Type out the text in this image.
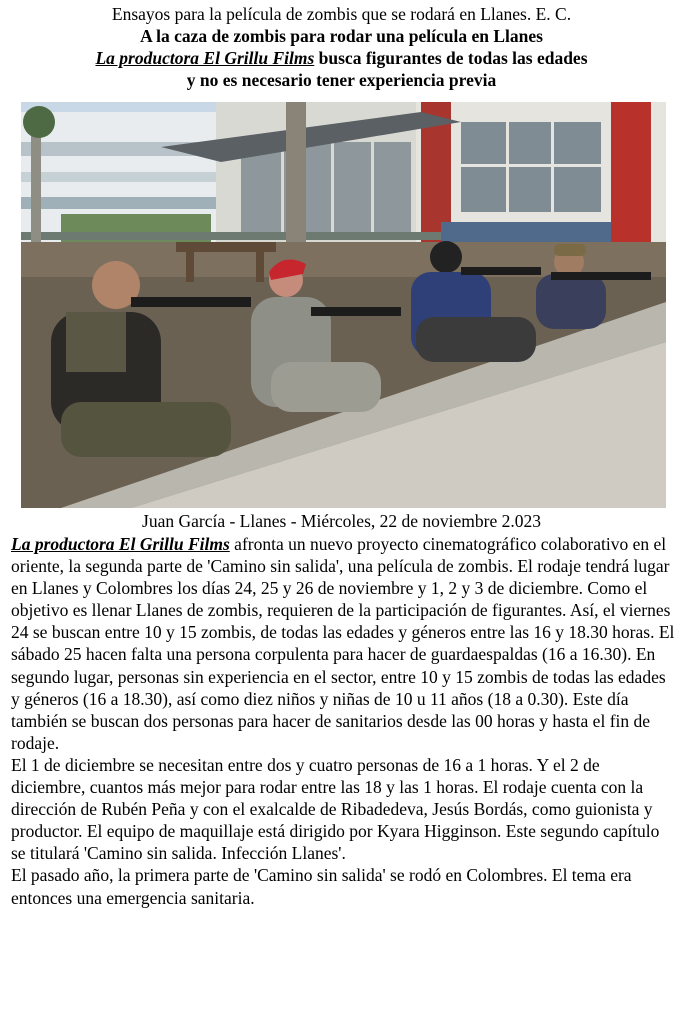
Ensayos para la película de zombis que se rodará en Llanes. E. C.
A la caza de zombis para rodar una película en Llanes
La productora El Grillu Films busca figurantes de todas las edades
y no es necesario tener experiencia previa
Juan García - Llanes - Miércoles, 22 de noviembre 2.023

La productora El Grillu Films afronta un nuevo proyecto cinematográfico colaborativo en el oriente, la segunda parte de 'Camino sin salida', una película de zombis. El rodaje tendrá lugar en Llanes y Colombres los días 24, 25 y 26 de noviembre y 1, 2 y 3 de diciembre. Como el objetivo es llenar Llanes de zombis, requieren de la participación de figurantes. Así, el viernes 24 se buscan entre 10 y 15 zombis, de todas las edades y géneros entre las 16 y 18.30 horas. El sábado 25 hacen falta una persona corpulenta para hacer de guardaespaldas (16 a 16.30). En segundo lugar, personas sin experiencia en el sector, entre 10 y 15 zombis de todas las edades y géneros (16 a 18.30), así como diez niños y niñas de 10 u 11 años (18 a 0.30). Este día también se buscan dos personas para hacer de sanitarios desde las 00 horas y hasta el fin de rodaje.

El 1 de diciembre se necesitan entre dos y cuatro personas de 16 a 1 horas. Y el 2 de diciembre, cuantos más mejor para rodar entre las 18 y las 1 horas. El rodaje cuenta con la dirección de Rubén Peña y con el exalcalde de Ribadedeva, Jesús Bordás, como guionista y productor. El equipo de maquillaje está dirigido por Kyara Higginson. Este segundo capítulo se titulará 'Camino sin salida. Infección Llanes'.

El pasado año, la primera parte de 'Camino sin salida' se rodó en Colombres. El tema era entonces una emergencia sanitaria.
